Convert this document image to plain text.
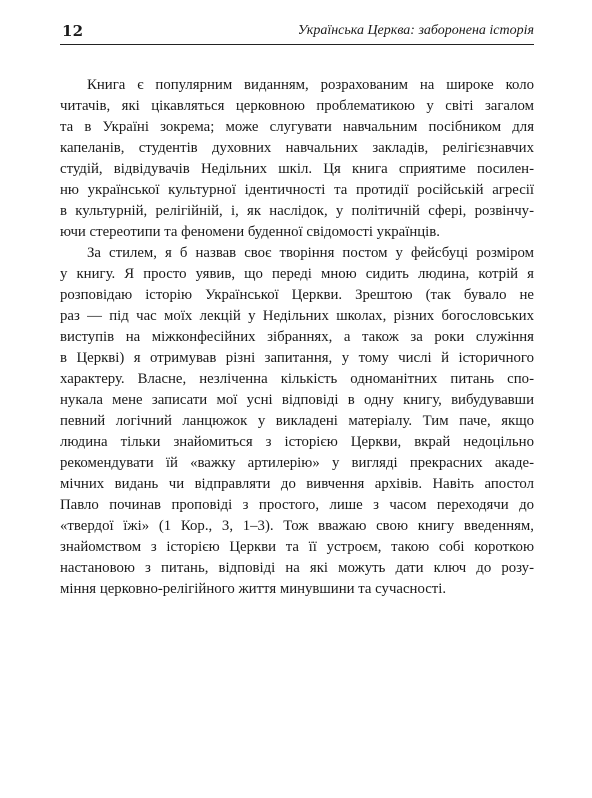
12	Українська Церква: заборонена історія

Книга є популярним виданням, розрахованим на широке коло
читачів, які цікавляться церковною проблематикою у світі загалом
та в Україні зокрема; може слугувати навчальним посібником для
капеланів, студентів духовних навчальних закладів, релігієзнавчих
студій, відвідувачів Недільних шкіл. Ця книга сприятиме посилен-
ню української культурної ідентичності та протидії російській агресії
в культурній, релігійній, і, як наслідок, у політичній сфері, розвінчу-
ючи стереотипи та феномени буденної свідомості українців.

За стилем, я б назвав своє творіння постом у фейсбуці розміром
у книгу. Я просто уявив, що переді мною сидить людина, котрій я
розповідаю історію Української Церкви. Зрештою (так бувало не
раз — під час моїх лекцій у Недільних школах, різних богословських
виступів на міжконфесійних зібраннях, а також за роки служіння
в Церкві) я отримував різні запитання, у тому числі й історичного
характеру. Власне, незліченна кількість одноманітних питань спо-
нукала мене записати мої усні відповіді в одну книгу, вибудувавши
певний логічний ланцюжок у викладені матеріалу. Тим паче, якщо
людина тільки знайомиться з історією Церкви, вкрай недоцільно
рекомендувати їй «важку артилерію» у вигляді прекрасних акаде-
мічних видань чи відправляти до вивчення архівів. Навіть апостол
Павло починав проповіді з простого, лише з часом переходячи до
«твердої їжі» (1 Кор., 3, 1–3). Тож вважаю свою книгу введенням,
знайомством з історією Церкви та її устроєм, такою собі короткою
настановою з питань, відповіді на які можуть дати ключ до розу-
міння церковно-релігійного життя минувшини та сучасності.
